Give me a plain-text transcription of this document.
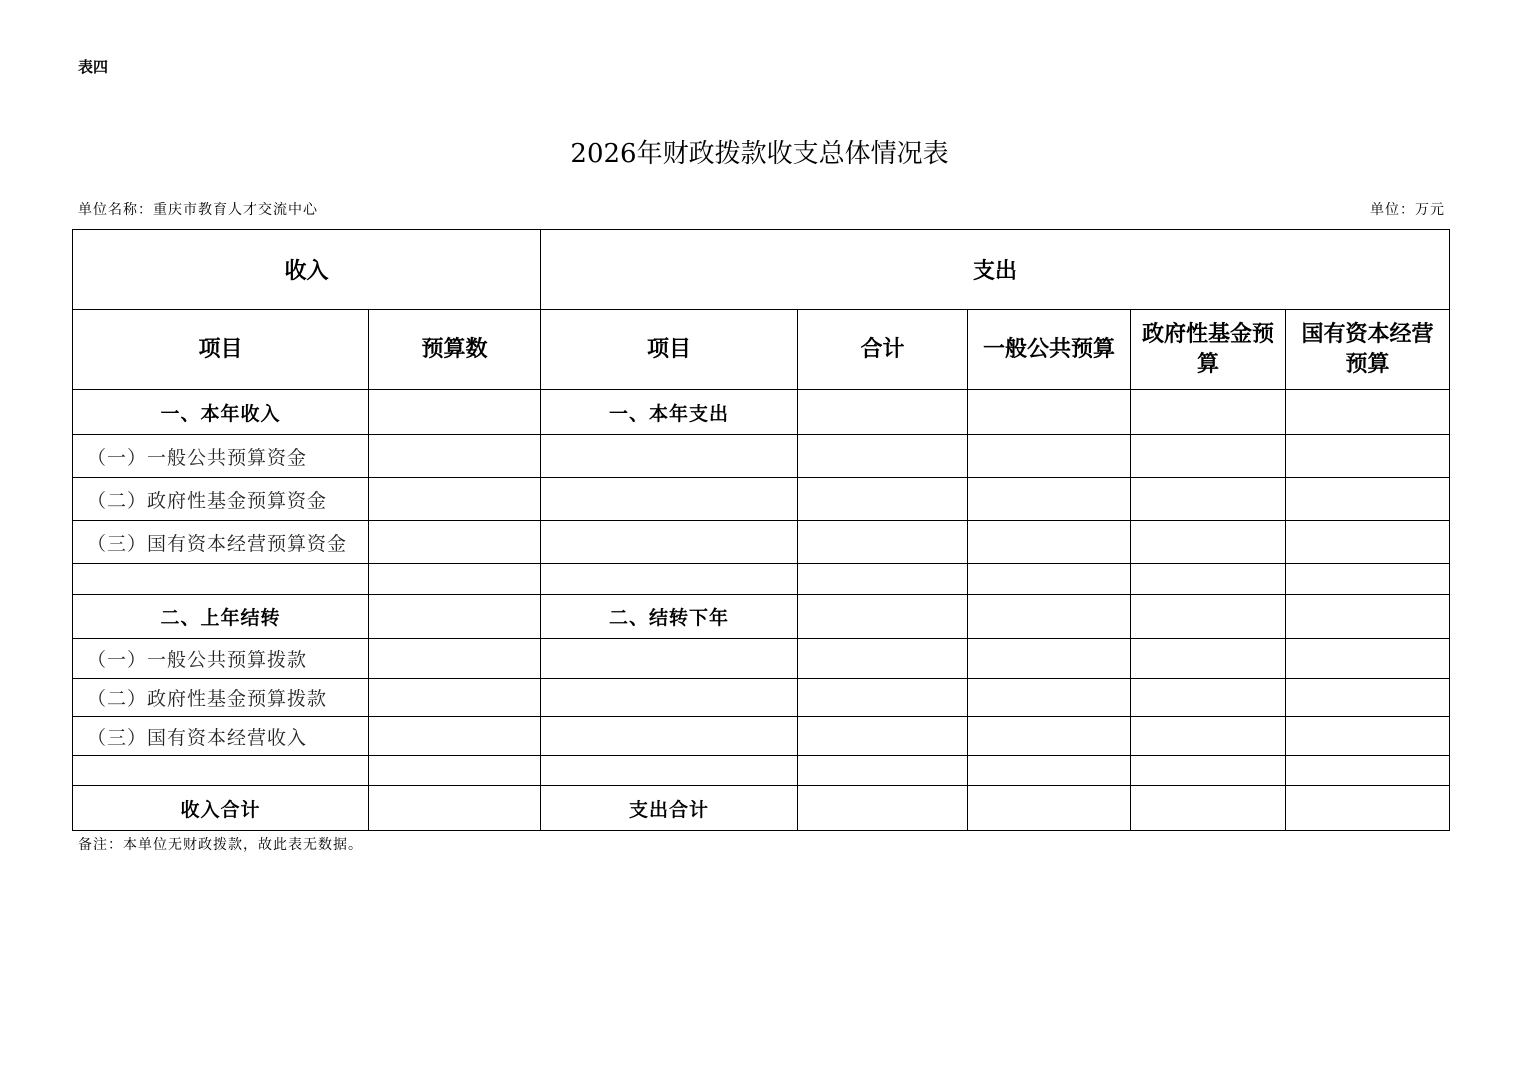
表四
2026年财政拨款收支总体情况表
单位名称：重庆市教育人才交流中心	单位：万元
收入		支出				
项目	预算数	项目	合计	一般公共预算	政府性基金预算	国有资本经营预算
一、本年收入		一、本年支出				
（一）一般公共预算资金						
（二）政府性基金预算资金						
（三）国有资本经营预算资金						

二、上年结转		二、结转下年				
（一）一般公共预算拨款						
（二）政府性基金预算拨款						
（三）国有资本经营收入						

收入合计		支出合计				
备注：本单位无财政拨款，故此表无数据。
